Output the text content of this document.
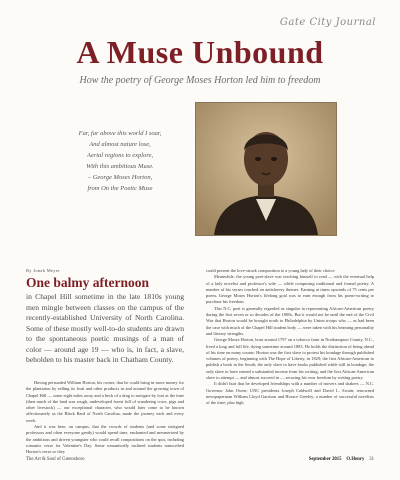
Gate City Journal
A Muse Unbound
How the poetry of George Moses Horton led him to freedom
Far, far above this world I soar,
And almost nature lose,
Aerial regions to explore,
With this ambitious Muse.
– George Moses Horton,
from On the Poetic Muse
By Jonah Meyer
One balmy afternoon
in Chapel Hill sometime in the late 1810s young men mingle between classes on the campus of the recently-established University of North Carolina. Some of these mostly well-to-do students are drawn to the spontaneous poetic musings of a man of color — around age 19 — who is, in fact, a slave, beholden to his master back in Chatham County.

Having persuaded William Horton, his owner, that he could bring in more money for the plantation by selling its fruit and other products in and around the growing town of Chapel Hill — some eight miles away and a heck of a drag to navigate by foot at the time (then much of the land was rough, undeveloped forest full of wandering cows, pigs and other livestock) — our exceptional character, who would later come to be known affectionately as the Black Bard of North Carolina, made the journey each and every week.

And it was here, on campus, that the crowds of students (and some intrigued professors and often everyone gently) would spend time, enchanted and mesmerized by the ambitious and driven youngster who could recall compositions on the spot, including romantic verse for Valentine's Day. Some romantically inclined students transcribed Horton's verse so they

could present the love-struck composition to a young lady of their choice.

Meanwhile, the young poet-slave was teaching himself to read — with the eventual help of a lady novelist and professor's wife — while composing traditional and formal poetry. A number of his verses touched on antislavery themes. Earning at times upwards of 75 cents per poem, George Moses Horton's lifelong goal was to earn enough from his poem-writing to purchase his freedom.

This N.C. poet is generally regarded as singular in representing African-American poetry during the first seven or so decades of the 1800s. But it would not be until the end of the Civil War that Horton would be brought north to Philadelphia by Union troops who — as had been the case with much of the Chapel Hill student body — were taken with his beaming personality and literary strengths.

George Moses Horton, born around 1797 on a tobacco farm in Northampton County, N.C., lived a long and full life, dying sometime around 1883. He holds the distinction of being ahead of his time on many counts: Horton was the first slave to protest his bondage through published volumes of poetry, beginning with The Hope of Liberty, in 1829; the first African-American to publish a book in the South; the only slave to have books published while still in bondage; the only slave to have earned a substantial income from his writing; and the first African-American slave to attempt — and almost succeed in — securing his own freedom by writing poetry.

It didn't hurt that he developed friendships with a number of movers and shakers — N.C. Governor John Owen; UNC presidents Joseph Caldwell and David L. Swain; renowned newspaperman William Lloyd Garrison and Horace Greeley; a number of successful novelists of the time; plus high

The Art & Soul of Greensboro	September 2015 O.Henry 31
